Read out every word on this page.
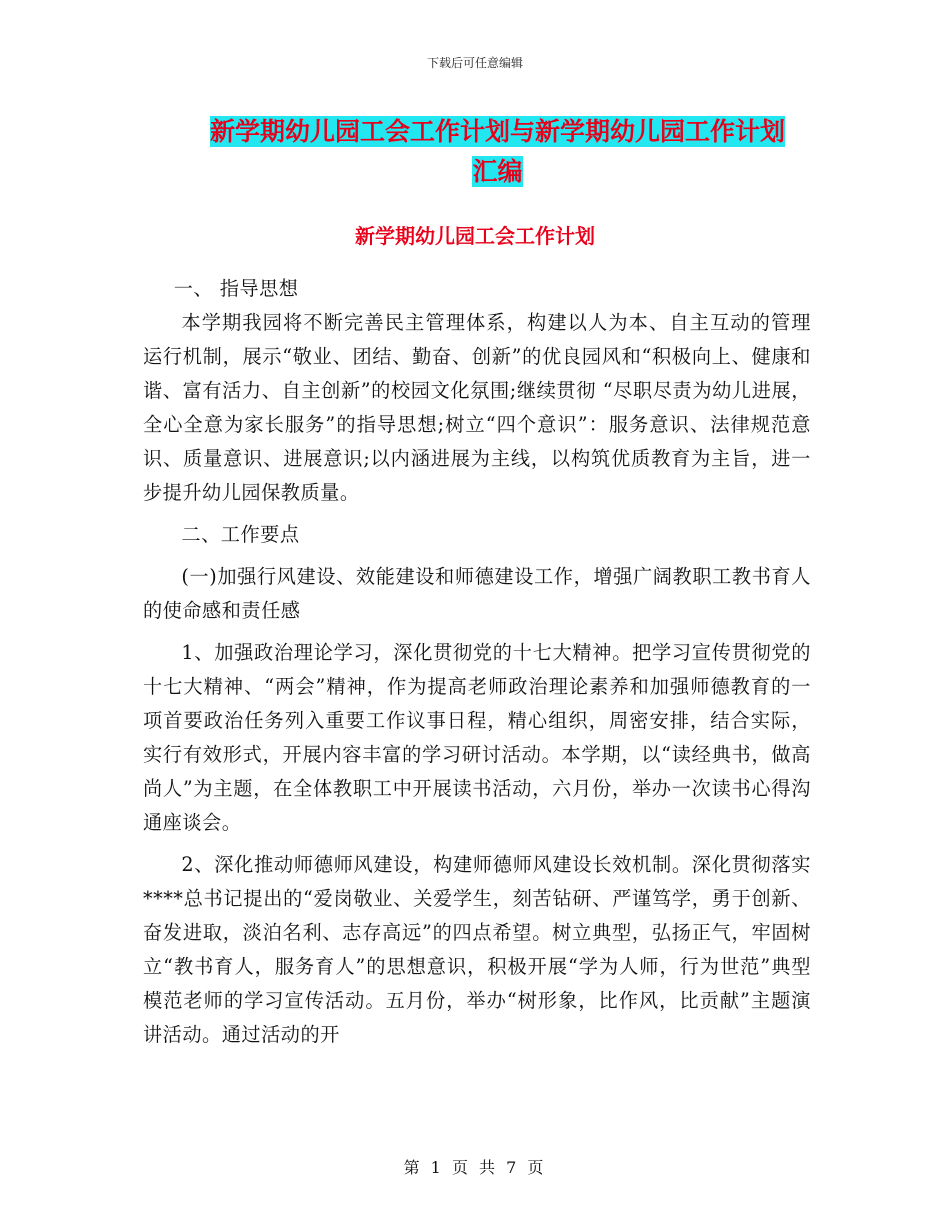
下载后可任意编辑
新学期幼儿园工会工作计划与新学期幼儿园工作计划
汇编
新学期幼儿园工会工作计划

一、 指导思想

本学期我园将不断完善民主管理体系，构建以人为本、自主互动的管理运行机制，展示“敬业、团结、勤奋、创新”的优良园风和“积极向上、健康和谐、富有活力、自主创新”的校园文化氛围;继续贯彻 “尽职尽责为幼儿进展，全心全意为家长服务”的指导思想;树立“四个意识”：服务意识、法律规范意识、质量意识、进展意识;以内涵进展为主线，以构筑优质教育为主旨，进一步提升幼儿园保教质量。

二、工作要点

(一)加强行风建设、效能建设和师德建设工作，增强广阔教职工教书育人的使命感和责任感

1、加强政治理论学习，深化贯彻党的十七大精神。把学习宣传贯彻党的十七大精神、“两会”精神，作为提高老师政治理论素养和加强师德教育的一项首要政治任务列入重要工作议事日程，精心组织，周密安排，结合实际，实行有效形式，开展内容丰富的学习研讨活动。本学期，以“读经典书，做高尚人”为主题，在全体教职工中开展读书活动，六月份，举办一次读书心得沟通座谈会。

2、深化推动师德师风建设，构建师德师风建设长效机制。深化贯彻落实****总书记提出的“爱岗敬业、关爱学生，刻苦钻研、严谨笃学，勇于创新、奋发进取，淡泊名利、志存高远”的四点希望。树立典型，弘扬正气，牢固树立“教书育人，服务育人”的思想意识，积极开展“学为人师，行为世范”典型模范老师的学习宣传活动。五月份，举办“树形象，比作风，比贡献”主题演讲活动。通过活动的开

第 1 页 共 7 页
